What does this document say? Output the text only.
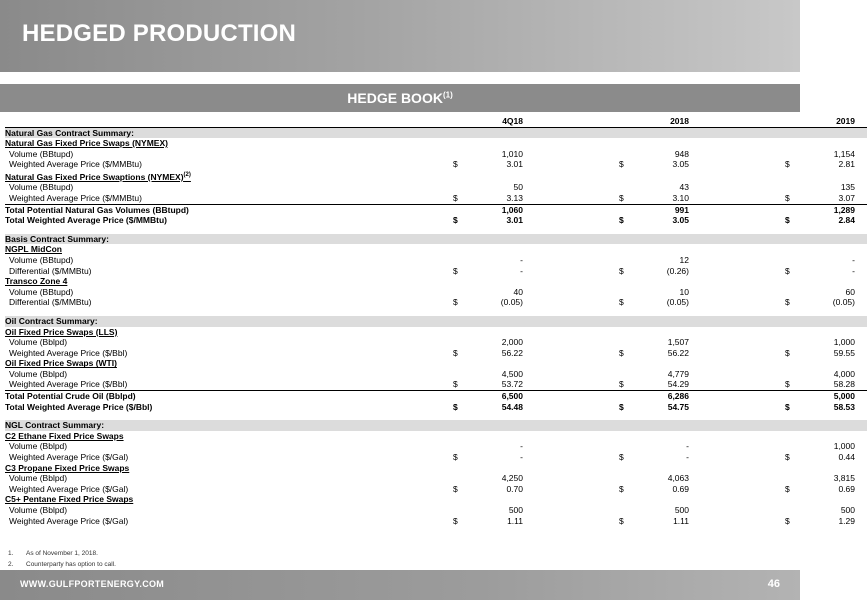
HEDGED PRODUCTION
HEDGE BOOK$^{(1)}$
		4Q18			2018			2019	
Natural Gas Contract Summary:									
Natural Gas Fixed Price Swaps (NYMEX)									
Volume (BBtupd)		1,010			948			1,154	
Weighted Average Price ($/MMBtu)	$	3.01		$	3.05		$	2.81	
Natural Gas Fixed Price Swaptions (NYMEX)$^{(2)}$	
Volume (BBtupd)		50			43			135	
Weighted Average Price ($/MMBtu)	$	3.13		$	3.10		$	3.07	
Total Potential Natural Gas Volumes (BBtupd)		1,060			991			1,289	
Total Weighted Average Price ($/MMBtu)	$	3.01		$	3.05		$	2.84	

Basis Contract Summary:									
NGPL MidCon									
Volume (BBtupd)		-			12			-	
Differential ($/MMBtu)	$	-		$	(0.26)		$	-	
Transco Zone 4									
Volume (BBtupd)		40			10			60	
Differential ($/MMBtu)	$	(0.05)		$	(0.05)		$	(0.05)	

Oil Contract Summary:									
Oil Fixed Price Swaps (LLS)									
Volume (Bblpd)		2,000			1,507			1,000	
Weighted Average Price ($/Bbl)	$	56.22		$	56.22		$	59.55	
Oil Fixed Price Swaps (WTI)									
Volume (Bblpd)		4,500			4,779			4,000	
Weighted Average Price ($/Bbl)	$	53.72		$	54.29		$	58.28	
Total Potential Crude Oil (Bblpd)		6,500			6,286			5,000	
Total Weighted Average Price ($/Bbl)	$	54.48		$	54.75		$	58.53	

NGL Contract Summary:									
C2 Ethane Fixed Price Swaps									
Volume (Bblpd)		-			-			1,000	
Weighted Average Price ($/Gal)	$	-		$	-		$	0.44	
C3 Propane Fixed Price Swaps									
Volume (Bblpd)		4,250			4,063			3,815	
Weighted Average Price ($/Gal)	$	0.70		$	0.69		$	0.69	
C5+ Pentane Fixed Price Swaps									
Volume (Bblpd)		500			500			500	
Weighted Average Price ($/Gal)	$	1.11		$	1.11		$	1.29	
1. As of November 1, 2018.
2. Counterparty has option to call.
WWW.GULFPORTENERGY.COM	46
